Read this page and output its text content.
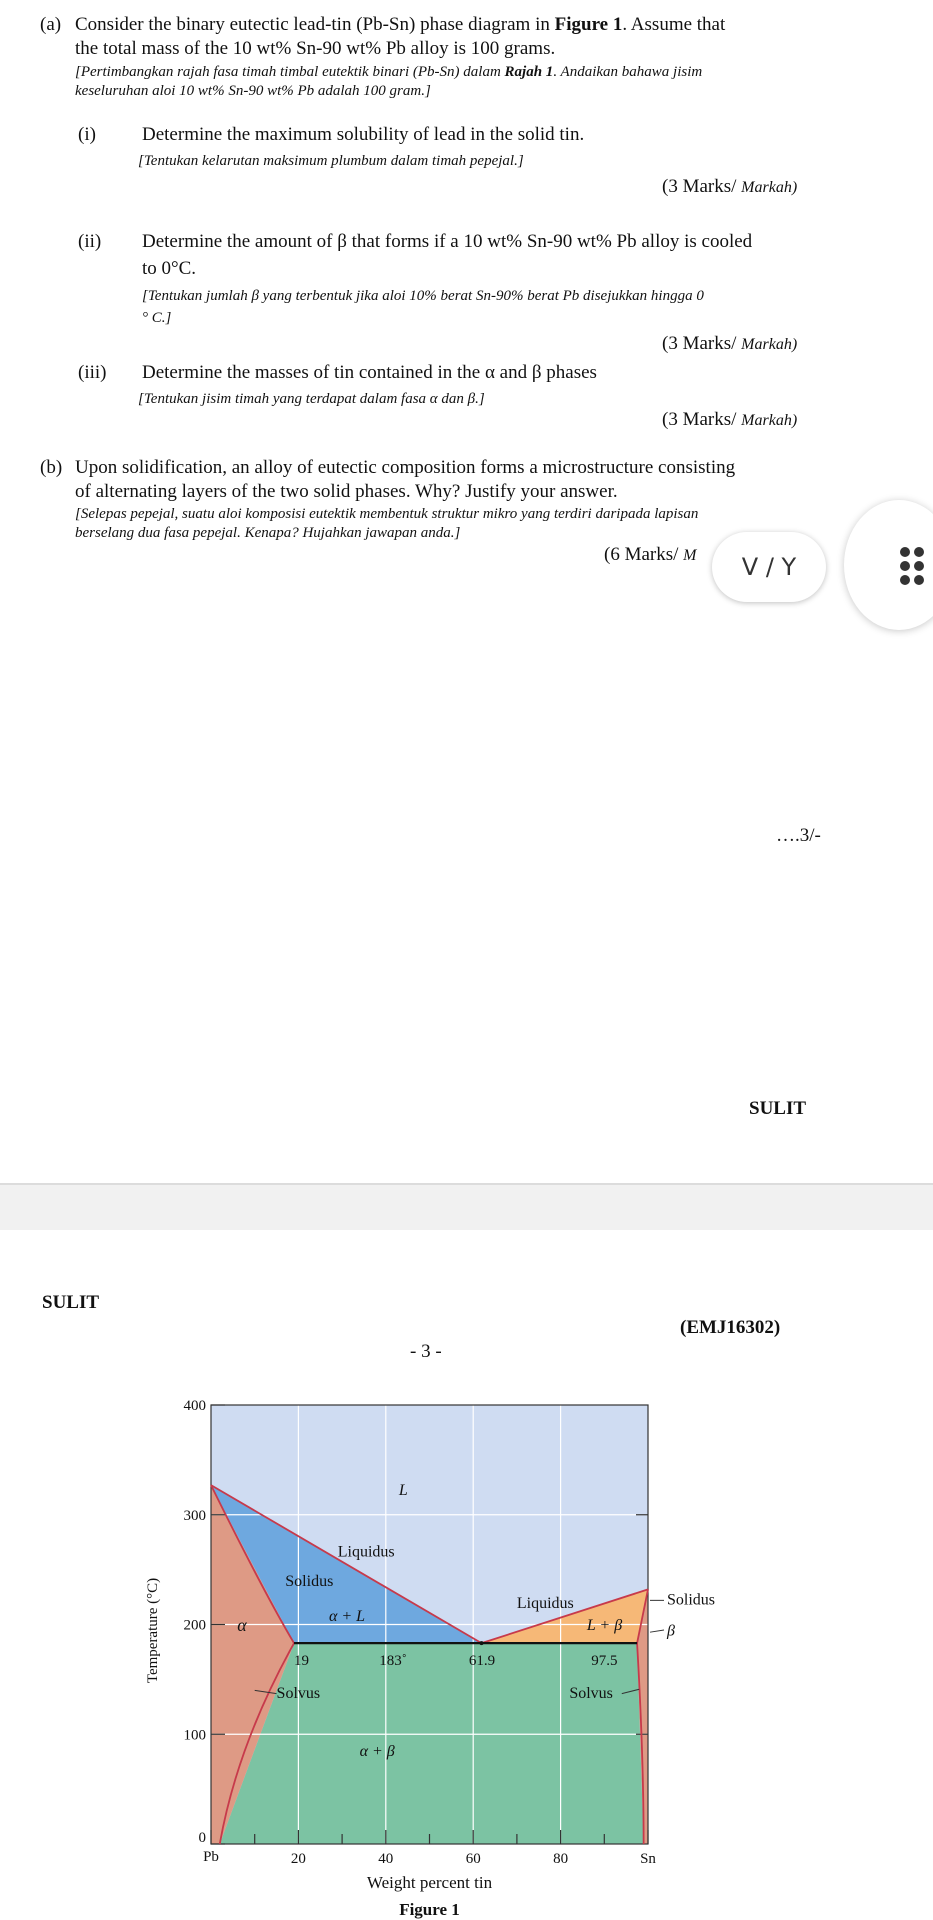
(a) Consider the binary eutectic lead-tin (Pb-Sn) phase diagram in Figure 1. Assume that
the total mass of the 10 wt% Sn-90 wt% Pb alloy is 100 grams.
[Pertimbangkan rajah fasa timah timbal eutektik binari (Pb-Sn) dalam Rajah 1. Andaikan bahawa jisim
keseluruhan aloi 10 wt% Sn-90 wt% Pb adalah 100 gram.]
(i) Determine the maximum solubility of lead in the solid tin.
[Tentukan kelarutan maksimum plumbum dalam timah pepejal.]
(3 Marks/ Markah)
(ii) Determine the amount of β that forms if a 10 wt% Sn-90 wt% Pb alloy is cooled
to 0°C.
[Tentukan jumlah β yang terbentuk jika aloi 10% berat Sn-90% berat Pb disejukkan hingga 0
° C.]
(3 Marks/ Markah)
(iii) Determine the masses of tin contained in the α and β phases
[Tentukan jisim timah yang terdapat dalam fasa α dan β.]
(3 Marks/ Markah)
(b) Upon solidification, an alloy of eutectic composition forms a microstructure consisting
of alternating layers of the two solid phases. Why? Justify your answer.
[Selepas pepejal, suatu aloi komposisi eutektik membentuk struktur mikro yang terdiri daripada lapisan
berselang dua fasa pepejal. Kenapa? Hujahkan jawapan anda.]
(6 Marks/ M
….3/-
SULIT
V / Y
SULIT
(EMJ16302)
- 3 -
0
100
200
300
400
Pb	20	40	60	80	Sn
Weight percent tin
Temperature (°C)
Figure 1
L
α	α + L
L + β
α + β
β
Liquidus
Liquidus
Solidus
Solidus
Solvus	Solvus
19	183˚	61.9	97.5
